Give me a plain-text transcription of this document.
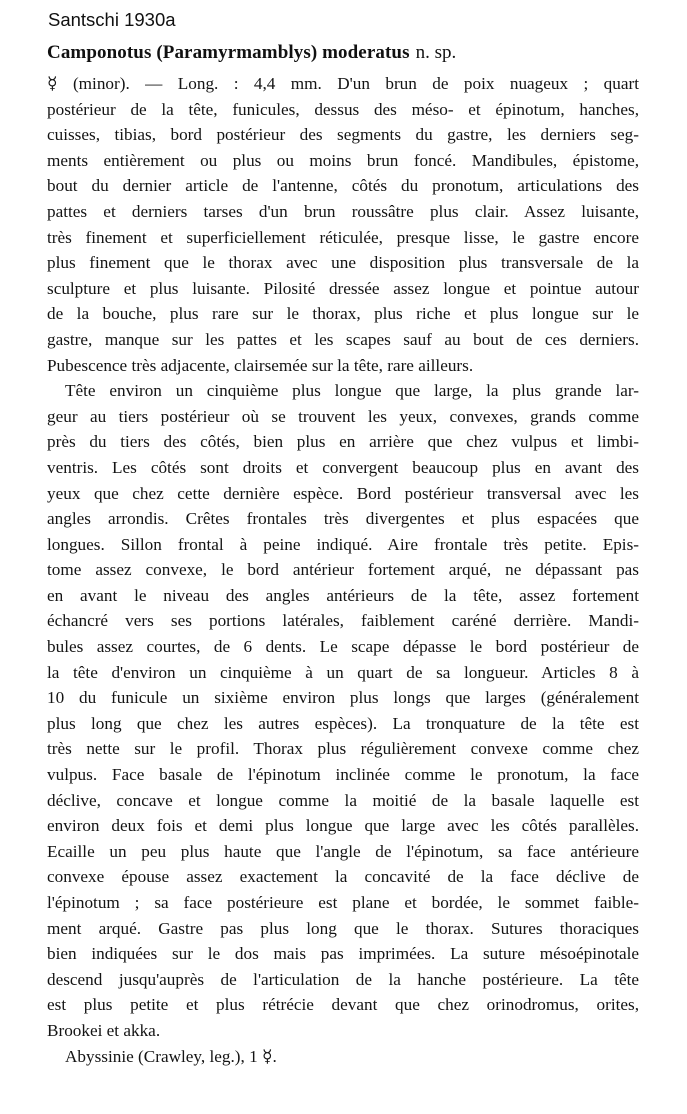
Santschi 1930a
Camponotus (Paramyrmamblys) moderatus n. sp.
☿ (minor). — Long. : 4,4 mm. D'un brun de poix nuageux ; quart
postérieur de la tête, funicules, dessus des méso- et épinotum, hanches,
cuisses, tibias, bord postérieur des segments du gastre, les derniers seg-
ments entièrement ou plus ou moins brun foncé. Mandibules, épistome,
bout du dernier article de l'antenne, côtés du pronotum, articulations des
pattes et derniers tarses d'un brun roussâtre plus clair. Assez luisante,
très finement et superficiellement réticulée, presque lisse, le gastre encore
plus finement que le thorax avec une disposition plus transversale de la
sculpture et plus luisante. Pilosité dressée assez longue et pointue autour
de la bouche, plus rare sur le thorax, plus riche et plus longue sur le
gastre, manque sur les pattes et les scapes sauf au bout de ces derniers.
Pubescence très adjacente, clairsemée sur la tête, rare ailleurs.
Tête environ un cinquième plus longue que large, la plus grande lar-
geur au tiers postérieur où se trouvent les yeux, convexes, grands comme
près du tiers des côtés, bien plus en arrière que chez vulpus et limbi-
ventris. Les côtés sont droits et convergent beaucoup plus en avant des
yeux que chez cette dernière espèce. Bord postérieur transversal avec les
angles arrondis. Crêtes frontales très divergentes et plus espacées que
longues. Sillon frontal à peine indiqué. Aire frontale très petite. Epis-
tome assez convexe, le bord antérieur fortement arqué, ne dépassant pas
en avant le niveau des angles antérieurs de la tête, assez fortement
échancré vers ses portions latérales, faiblement caréné derrière. Mandi-
bules assez courtes, de 6 dents. Le scape dépasse le bord postérieur de
la tête d'environ un cinquième à un quart de sa longueur. Articles 8 à
10 du funicule un sixième environ plus longs que larges (généralement
plus long que chez les autres espèces). La tronquature de la tête est
très nette sur le profil. Thorax plus régulièrement convexe comme chez
vulpus. Face basale de l'épinotum inclinée comme le pronotum, la face
déclive, concave et longue comme la moitié de la basale laquelle est
environ deux fois et demi plus longue que large avec les côtés parallèles.
Ecaille un peu plus haute que l'angle de l'épinotum, sa face antérieure
convexe épouse assez exactement la concavité de la face déclive de
l'épinotum ; sa face postérieure est plane et bordée, le sommet faible-
ment arqué. Gastre pas plus long que le thorax. Sutures thoraciques
bien indiquées sur le dos mais pas imprimées. La suture mésoépinotale
descend jusqu'auprès de l'articulation de la hanche postérieure. La tête
est plus petite et plus rétrécie devant que chez orinodromus, orites,
Brookei et akka.
Abyssinie (Crawley, leg.), 1 ☿.
